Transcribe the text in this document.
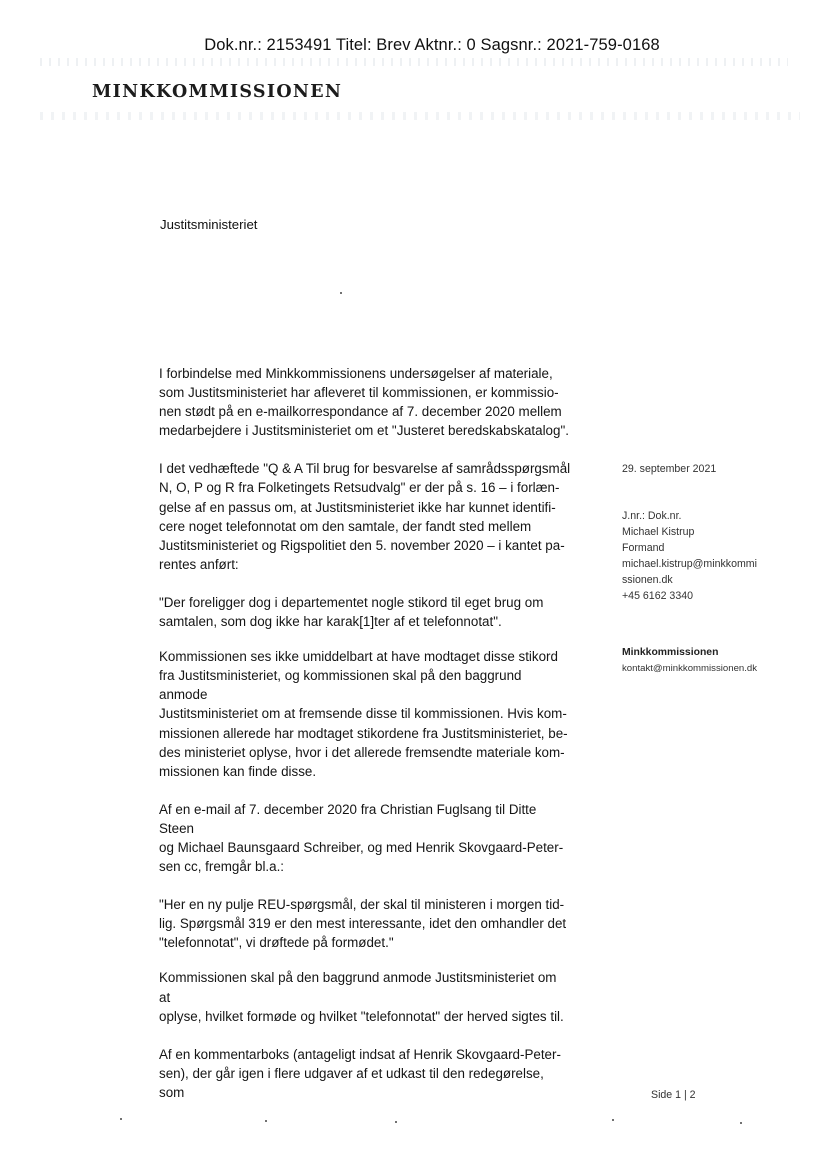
Dok.nr.: 2153491 Titel: Brev Aktnr.: 0 Sagsnr.: 2021-759-0168
MINKKOMMISSIONEN
Justitsministeriet

I forbindelse med Minkkommissionens undersøgelser af materiale,
som Justitsministeriet har afleveret til kommissionen, er kommissio-
nen stødt på en e-mailkorrespondance af 7. december 2020 mellem
medarbejdere i Justitsministeriet om et "Justeret beredskabskatalog".

I det vedhæftede "Q & A Til brug for besvarelse af samrådsspørgsmål
N, O, P og R fra Folketingets Retsudvalg" er der på s. 16 – i forlæn-
gelse af en passus om, at Justitsministeriet ikke har kunnet identifi-
cere noget telefonnotat om den samtale, der fandt sted mellem
Justitsministeriet og Rigspolitiet den 5. november 2020 – i kantet pa-
rentes anført:

"Der foreligger dog i departementet nogle stikord til eget brug om
samtalen, som dog ikke har karak[1]ter af et telefonnotat".

Kommissionen ses ikke umiddelbart at have modtaget disse stikord
fra Justitsministeriet, og kommissionen skal på den baggrund anmode
Justitsministeriet om at fremsende disse til kommissionen. Hvis kom-
missionen allerede har modtaget stikordene fra Justitsministeriet, be-
des ministeriet oplyse, hvor i det allerede fremsendte materiale kom-
missionen kan finde disse.

Af en e-mail af 7. december 2020 fra Christian Fuglsang til Ditte Steen
og Michael Baunsgaard Schreiber, og med Henrik Skovgaard-Peter-
sen cc, fremgår bl.a.:

"Her en ny pulje REU-spørgsmål, der skal til ministeren i morgen tid-
lig. Spørgsmål 319 er den mest interessante, idet den omhandler det
"telefonnotat", vi drøftede på formødet."

Kommissionen skal på den baggrund anmode Justitsministeriet om at
oplyse, hvilket formøde og hvilket "telefonnotat" der herved sigtes til.

Af en kommentarboks (antageligt indsat af Henrik Skovgaard-Peter-
sen), der går igen i flere udgaver af et udkast til den redegørelse, som

29. september 2021
J.nr.: Dok.nr.
Michael Kistrup
Formand
michael.kistrup@minkkommi
ssionen.dk
+45 6162 3340
Minkkommissionen
kontakt@minkkommissionen.dk
Side 1 | 2
